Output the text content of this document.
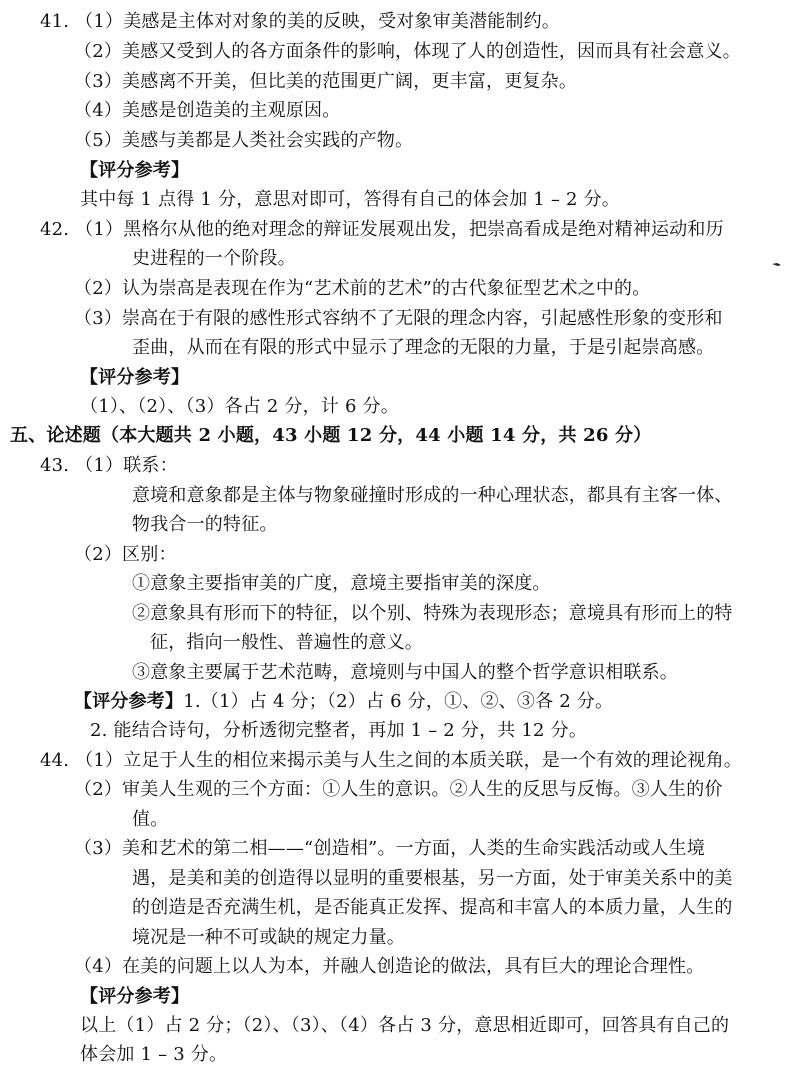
41. （1）美感是主体对对象的美的反映，受对象审美潜能制约。
（2）美感又受到人的各方面条件的影响，体现了人的创造性，因而具有社会意义。
（3）美感离不开美，但比美的范围更广阔，更丰富，更复杂。
（4）美感是创造美的主观原因。
（5）美感与美都是人类社会实践的产物。
【评分参考】
其中每 1 点得 1 分，意思对即可，答得有自己的体会加 1 – 2 分。
42. （1）黑格尔从他的绝对理念的辩证发展观出发，把崇高看成是绝对精神运动和历
史进程的一个阶段。
（2）认为崇高是表现在作为“艺术前的艺术”的古代象征型艺术之中的。
（3）崇高在于有限的感性形式容纳不了无限的理念内容，引起感性形象的变形和
歪曲，从而在有限的形式中显示了理念的无限的力量，于是引起崇高感。
【评分参考】
（1）、（2）、（3）各占 2 分，计 6 分。
五、论述题（本大题共 2 小题，43 小题 12 分，44 小题 14 分，共 26 分）
43. （1）联系：
意境和意象都是主体与物象碰撞时形成的一种心理状态，都具有主客一体、
物我合一的特征。
（2）区别：
①意象主要指审美的广度，意境主要指审美的深度。
②意象具有形而下的特征，以个别、特殊为表现形态；意境具有形而上的特
征，指向一般性、普遍性的意义。
③意象主要属于艺术范畴，意境则与中国人的整个哲学意识相联系。
【评分参考】1.（1）占 4 分；（2）占 6 分，①、②、③各 2 分。
2. 能结合诗句，分析透彻完整者，再加 1 – 2 分，共 12 分。
44. （1）立足于人生的相位来揭示美与人生之间的本质关联，是一个有效的理论视角。
（2）审美人生观的三个方面：①人生的意识。②人生的反思与反悔。③人生的价
值。
（3）美和艺术的第二相——“创造相”。一方面，人类的生命实践活动或人生境
遇，是美和美的创造得以显明的重要根基，另一方面，处于审美关系中的美
的创造是否充满生机，是否能真正发挥、提高和丰富人的本质力量，人生的
境况是一种不可或缺的规定力量。
（4）在美的问题上以人为本，并融人创造论的做法，具有巨大的理论合理性。
【评分参考】
以上（1）占 2 分；（2）、（3）、（4）各占 3 分，意思相近即可，回答具有自己的
体会加 1 – 3 分。
